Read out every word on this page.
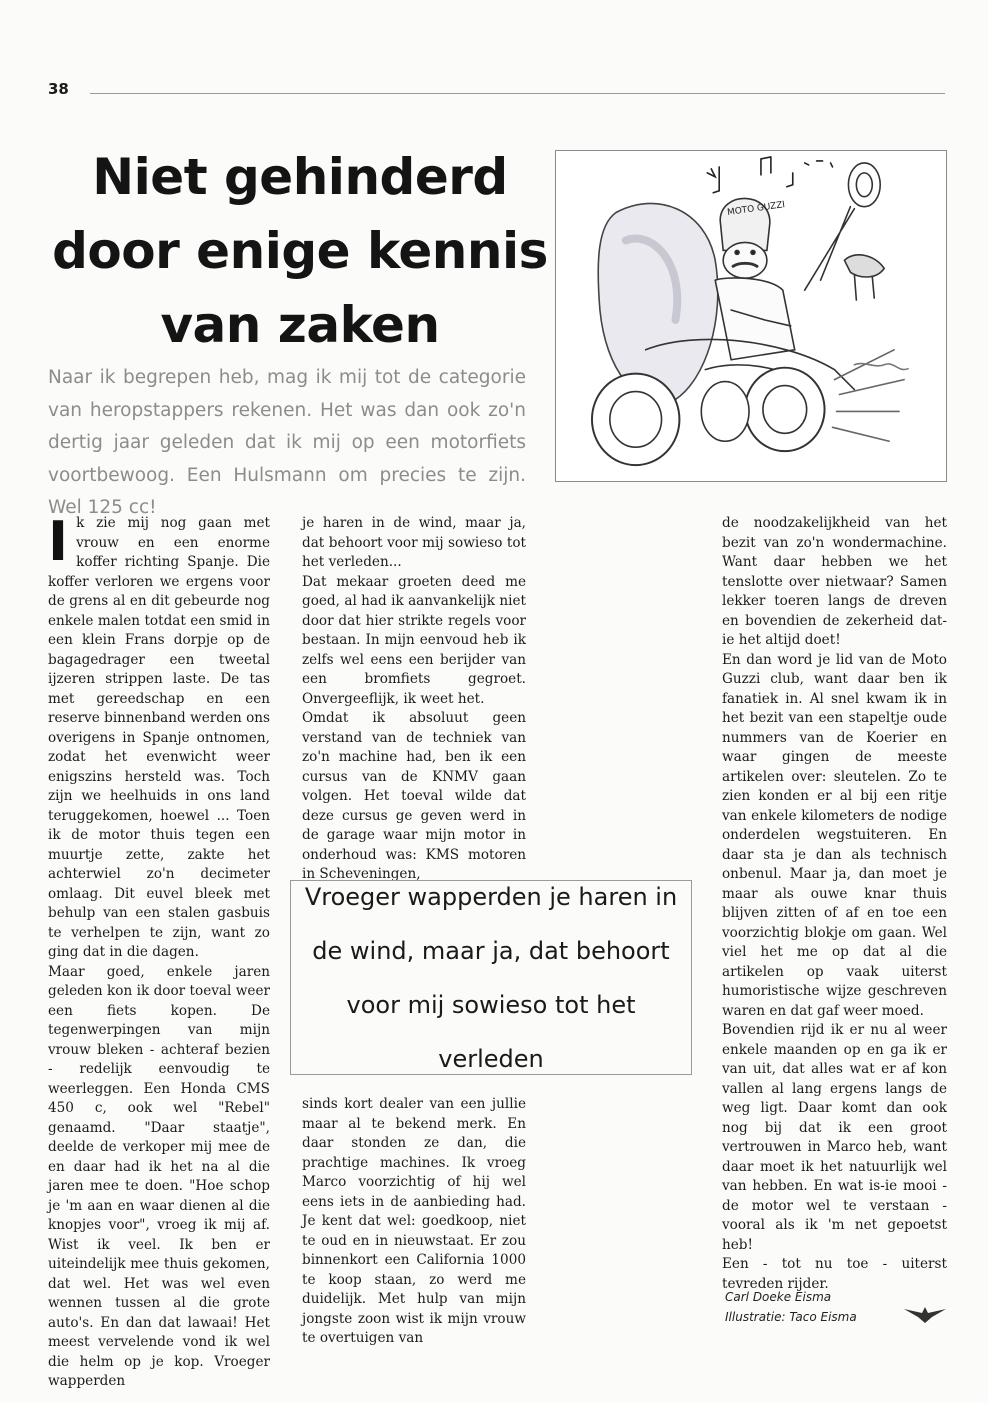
38
Niet gehinderd
door enige kennis
van zaken

Naar ik begrepen heb, mag ik mij tot de categorie van heropstappers rekenen. Het was dan ook zo'n dertig jaar geleden dat ik mij op een motorfiets voortbewoog. Een Hulsmann om precies te zijn. Wel 125 cc!

MOTO GUZZI
I k zie mij nog gaan met vrouw en een enorme koffer richting Spanje. Die koffer verloren we ergens voor de grens al en dit gebeurde nog enkele malen totdat een smid in een klein Frans dorpje op de bagagedrager een tweetal ijzeren strippen laste. De tas met gereedschap en een reserve binnenband werden ons overigens in Spanje ontnomen, zodat het evenwicht weer enigszins hersteld was. Toch zijn we heelhuids in ons land teruggekomen, hoewel ... Toen ik de motor thuis tegen een muurtje zette, zakte het achterwiel zo'n decimeter omlaag. Dit euvel bleek met behulp van een stalen gasbuis te verhelpen te zijn, want zo ging dat in die dagen.

Maar goed, enkele jaren geleden kon ik door toeval weer een fiets kopen. De tegenwerpingen van mijn vrouw bleken - achteraf bezien - redelijk eenvoudig te weerleggen. Een Honda CMS 450 c, ook wel "Rebel" genaamd. "Daar staatje", deelde de verkoper mij mee de en daar had ik het na al die jaren mee te doen. "Hoe schop je 'm aan en waar dienen al die knopjes voor", vroeg ik mij af. Wist ik veel. Ik ben er uiteindelijk mee thuis gekomen, dat wel. Het was wel even wennen tussen al die grote auto's. En dan dat lawaai! Het meest vervelende vond ik wel die helm op je kop. Vroeger wapperden

je haren in de wind, maar ja, dat behoort voor mij sowieso tot het verleden...

Dat mekaar groeten deed me goed, al had ik aanvankelijk niet door dat hier strikte regels voor bestaan. In mijn eenvoud heb ik zelfs wel eens een berijder van een bromfiets gegroet. Onvergeeflijk, ik weet het.

Omdat ik absoluut geen verstand van de techniek van zo'n machine had, ben ik een cursus van de KNMV gaan volgen. Het toeval wilde dat deze cursus ge geven werd in de garage waar mijn motor in onderhoud was: KMS motoren in Scheveningen,

Vroeger wapperden je haren in de wind, maar ja, dat behoort voor mij sowieso tot het verleden

sinds kort dealer van een jullie maar al te bekend merk. En daar stonden ze dan, die prachtige machines. Ik vroeg Marco voorzichtig of hij wel eens iets in de aanbieding had. Je kent dat wel: goedkoop, niet te oud en in nieuwstaat. Er zou binnenkort een California 1000 te koop staan, zo werd me duidelijk. Met hulp van mijn jongste zoon wist ik mijn vrouw te overtuigen van

de noodzakelijkheid van het bezit van zo'n wondermachine. Want daar hebben we het tenslotte over nietwaar? Samen lekker toeren langs de dreven en bovendien de zekerheid dat-ie het altijd doet!

En dan word je lid van de Moto Guzzi club, want daar ben ik fanatiek in. Al snel kwam ik in het bezit van een stapeltje oude nummers van de Koerier en waar gingen de meeste artikelen over: sleutelen. Zo te zien konden er al bij een ritje van enkele kilometers de nodige onderdelen wegstuiteren. En daar sta je dan als technisch onbenul. Maar ja, dan moet je maar als ouwe knar thuis blijven zitten of af en toe een voorzichtig blokje om gaan. Wel viel het me op dat al die artikelen op vaak uiterst humoristische wijze geschreven waren en dat gaf weer moed.

Bovendien rijd ik er nu al weer enkele maanden op en ga ik er van uit, dat alles wat er af kon vallen al lang ergens langs de weg ligt. Daar komt dan ook nog bij dat ik een groot vertrouwen in Marco heb, want daar moet ik het natuurlijk wel van hebben. En wat is-ie mooi - de motor wel te verstaan - vooral als ik 'm net gepoetst heb!

Een - tot nu toe - uiterst tevreden rijder.

Carl Doeke Eisma
Illustratie: Taco Eisma
